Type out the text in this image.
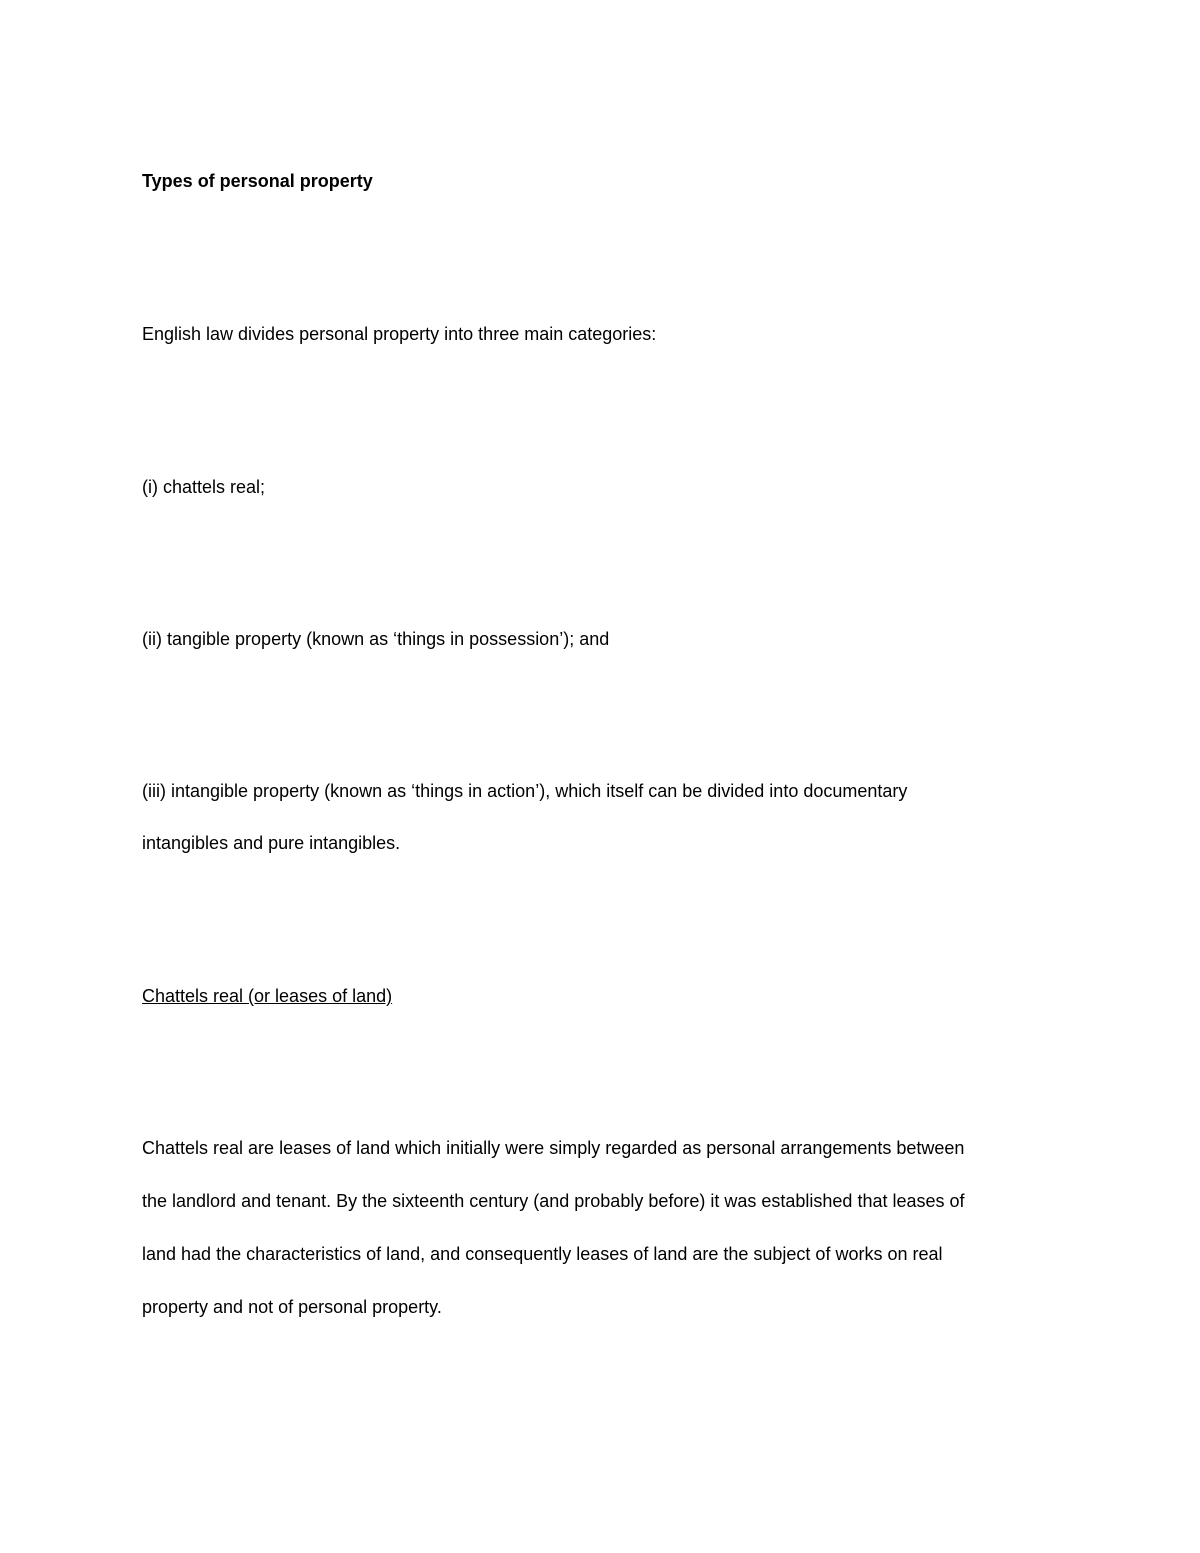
Types of personal property

English law divides personal property into three main categories:

(i) chattels real;

(ii) tangible property (known as ‘things in possession’); and

(iii) intangible property (known as ‘things in action’), which itself can be divided into documentary

intangibles and pure intangibles.

Chattels real (or leases of land)

Chattels real are leases of land which initially were simply regarded as personal arrangements between

the landlord and tenant. By the sixteenth century (and probably before) it was established that leases of

land had the characteristics of land, and consequently leases of land are the subject of works on real

property and not of personal property.
